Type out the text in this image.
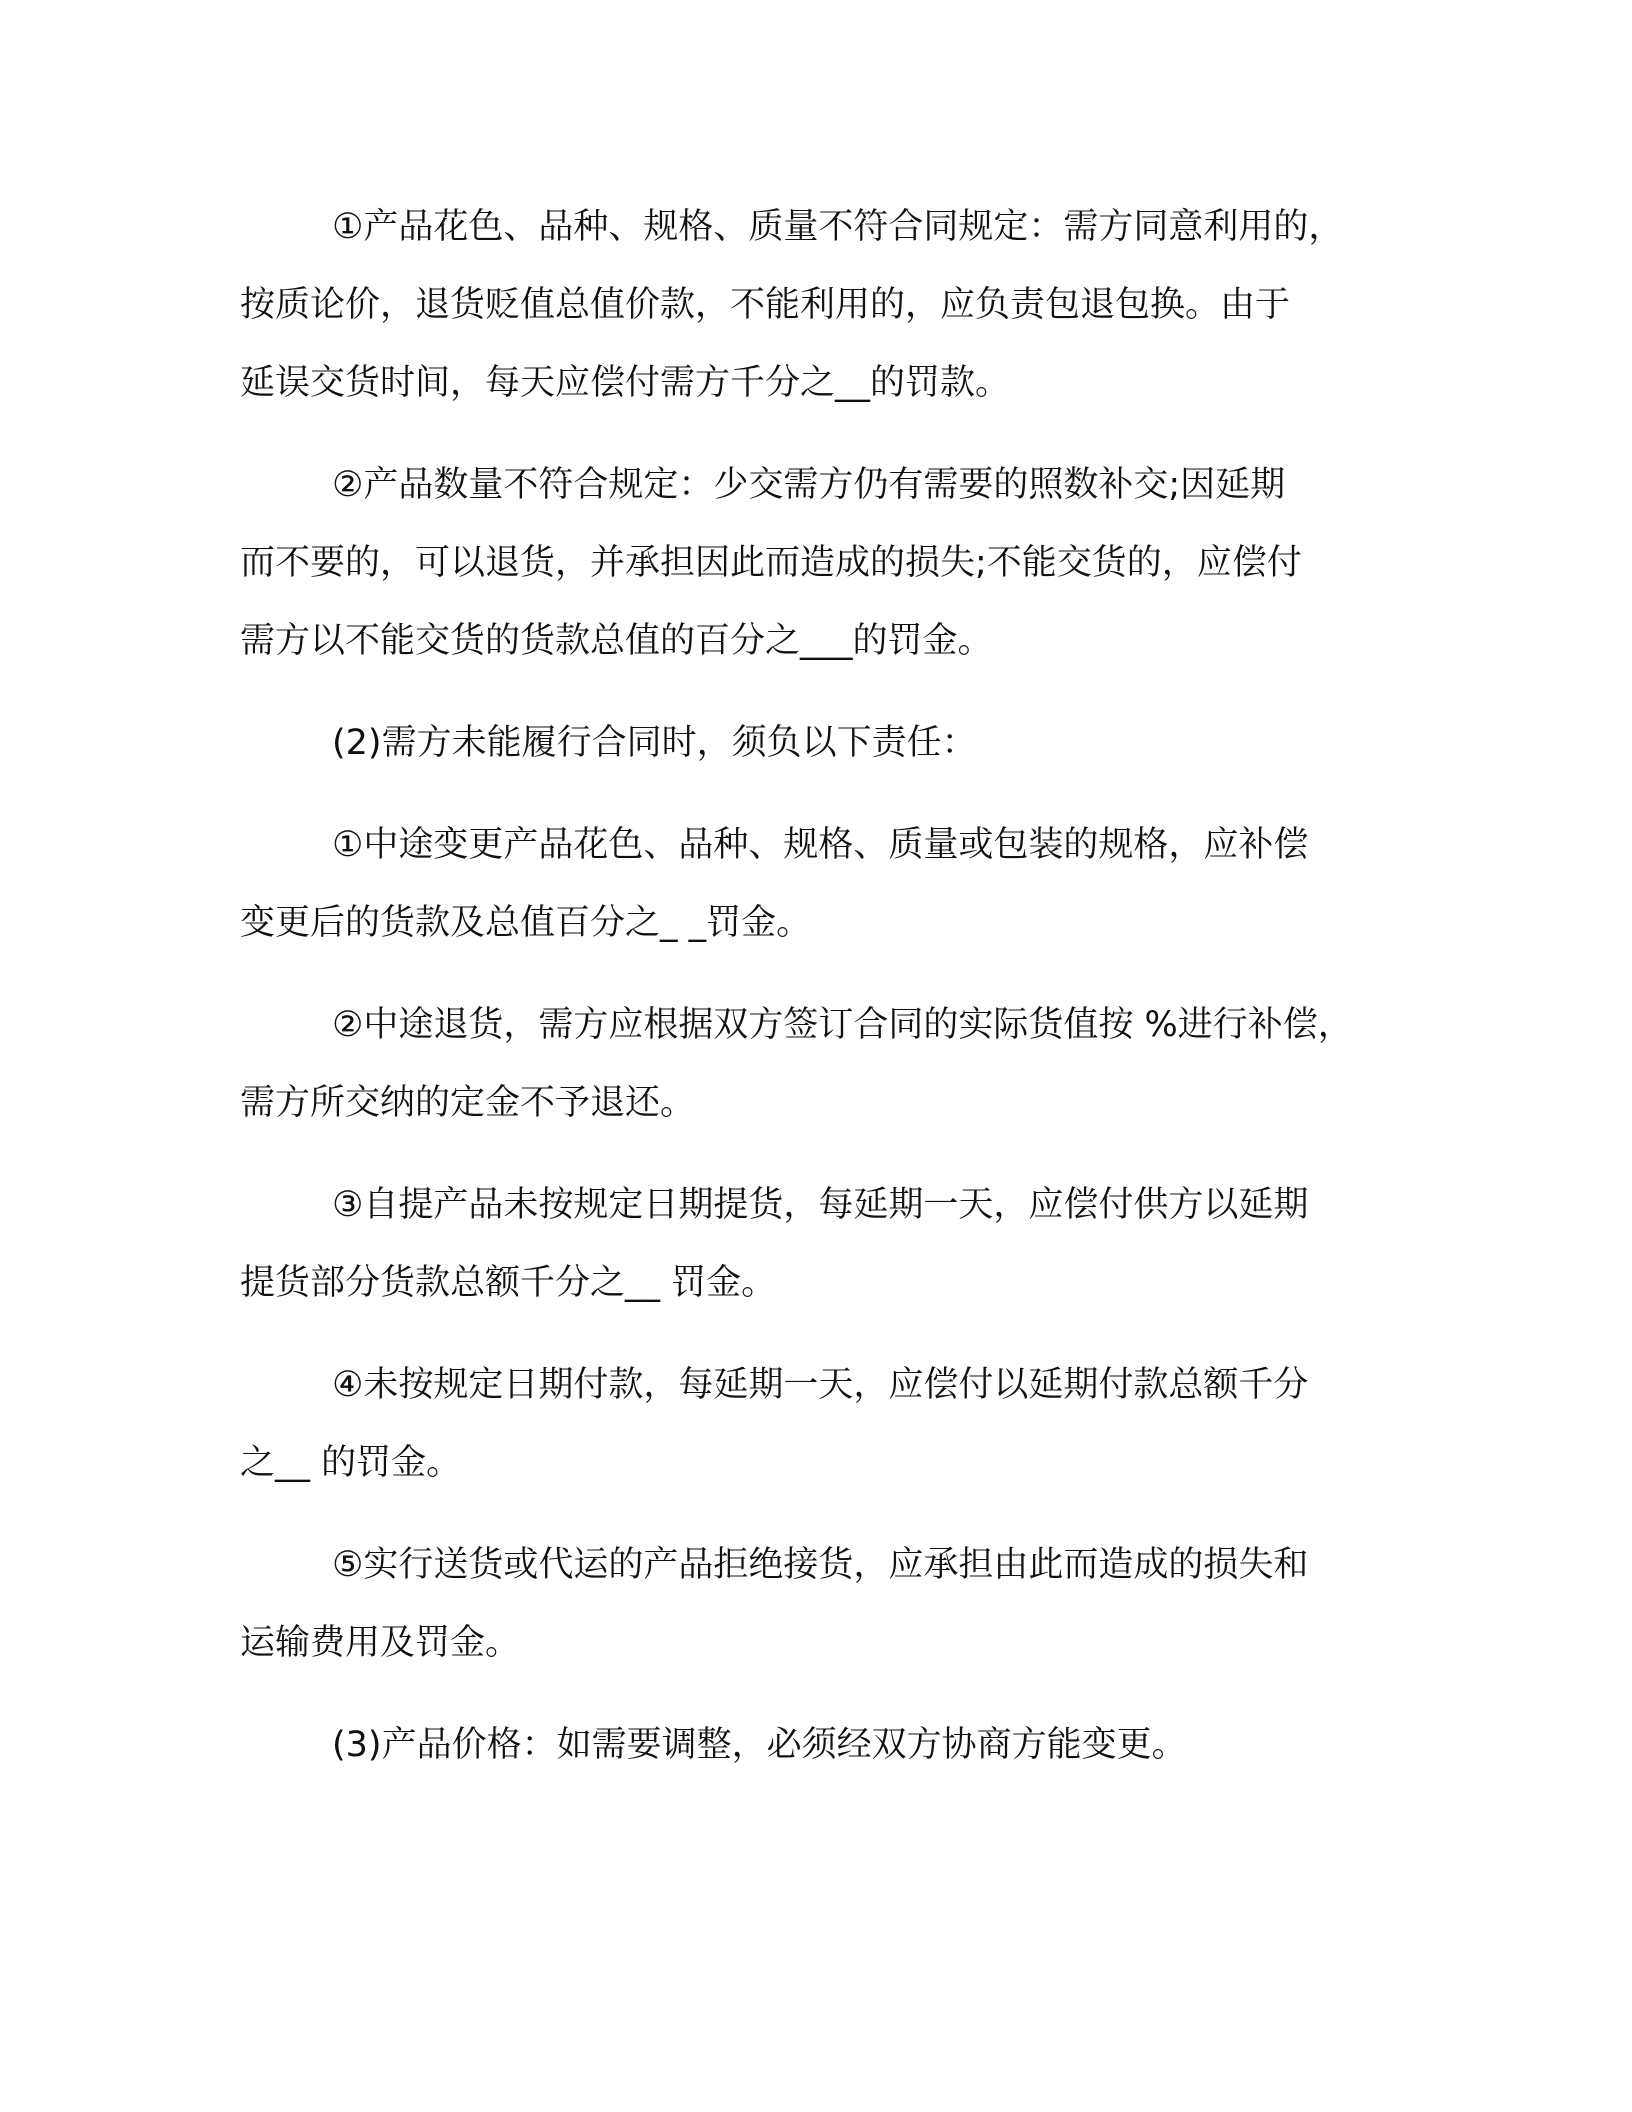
①产品花色、品种、规格、质量不符合同规定：需方同意利用的，
按质论价，退货贬值总值价款，不能利用的，应负责包退包换。由于
延误交货时间，每天应偿付需方千分之__的罚款。
②产品数量不符合规定：少交需方仍有需要的照数补交;因延期
而不要的，可以退货，并承担因此而造成的损失;不能交货的，应偿付
需方以不能交货的货款总值的百分之___的罚金。
(2)需方未能履行合同时，须负以下责任：
①中途变更产品花色、品种、规格、质量或包装的规格，应补偿
变更后的货款及总值百分之_ _罚金。
②中途退货，需方应根据双方签订合同的实际货值按 %进行补偿，
需方所交纳的定金不予退还。
③自提产品未按规定日期提货，每延期一天，应偿付供方以延期
提货部分货款总额千分之__ 罚金。
④未按规定日期付款，每延期一天，应偿付以延期付款总额千分
之__ 的罚金。
⑤实行送货或代运的产品拒绝接货，应承担由此而造成的损失和
运输费用及罚金。
(3)产品价格：如需要调整，必须经双方协商方能变更。
